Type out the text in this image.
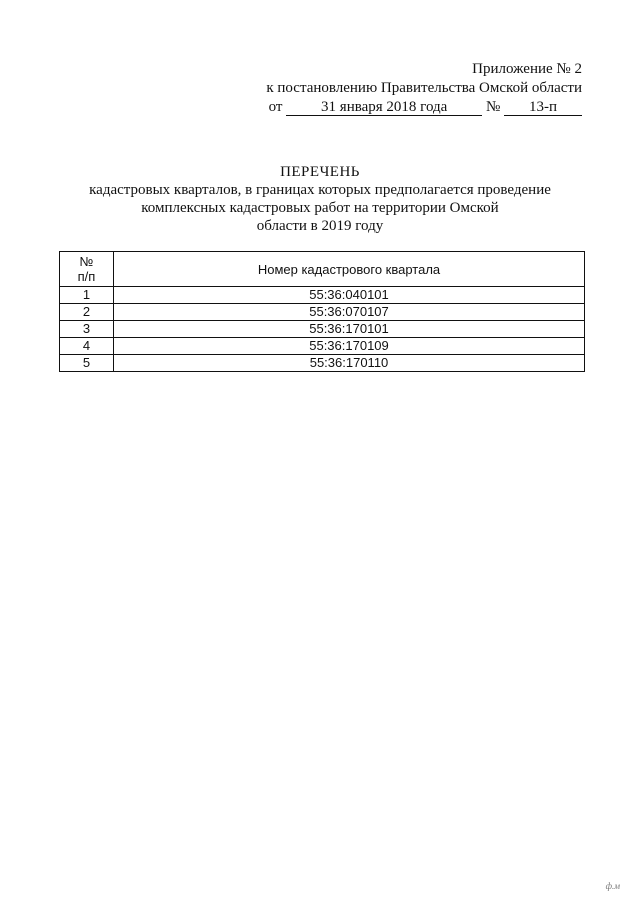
Приложение № 2
к постановлению Правительства Омской области
от	31 января 2018 года	№ 13-п
ПЕРЕЧЕНЬ
кадастровых кварталов, в границах которых предполагается проведение
комплексных кадастровых работ на территории Омской
области в 2019 году
№
п/п	Номер кадастрового квартала
1	55:36:040101
2	55:36:070107
3	55:36:170101
4	55:36:170109
5	55:36:170110
ф.м
